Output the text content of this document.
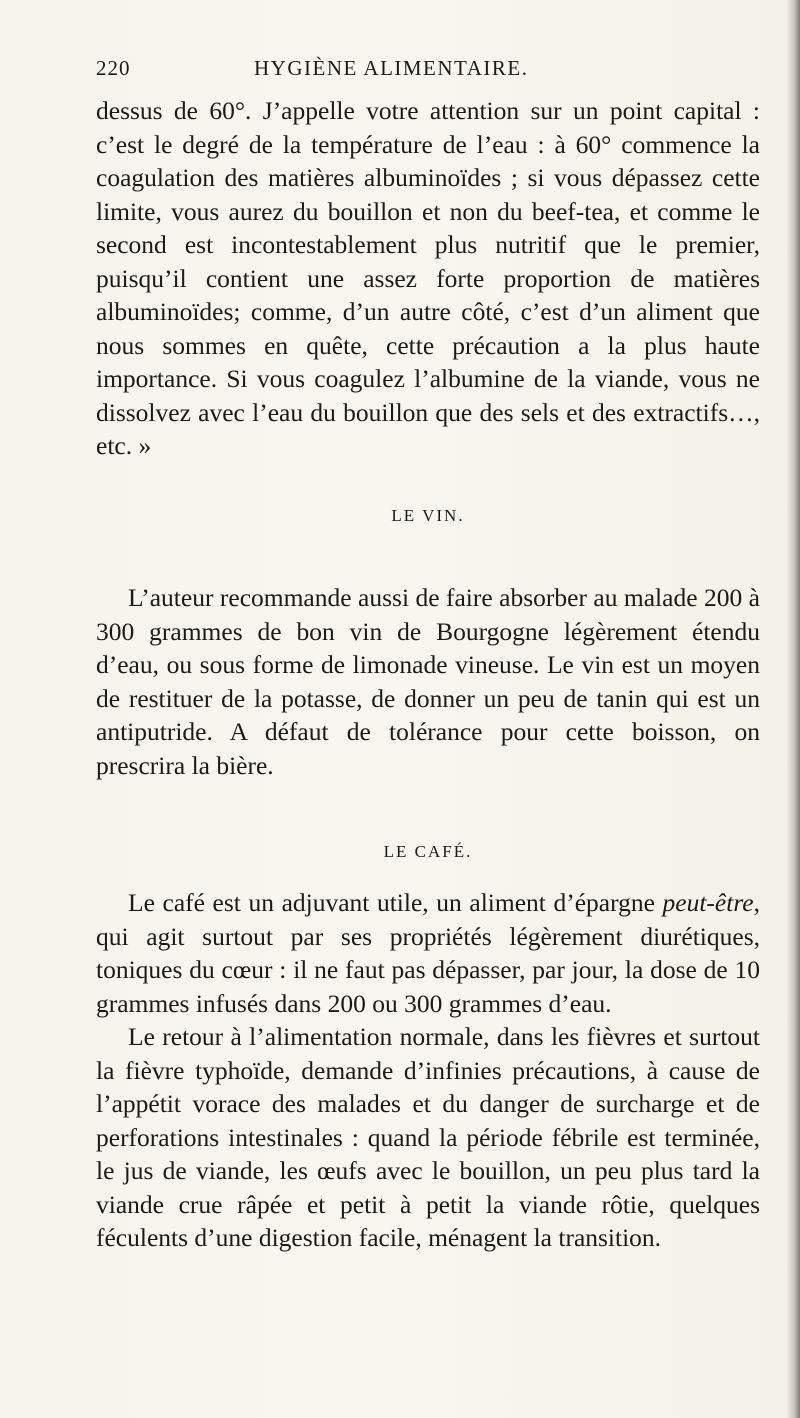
220	HYGIÈNE ALIMENTAIRE.

dessus de 60°. J’appelle votre attention sur un point capital : c’est le degré de la température de l’eau : à 60° commence la coagulation des matières albuminoïdes ; si vous dépassez cette limite, vous aurez du bouillon et non du beef-tea, et comme le second est incontestablement plus nutritif que le premier, puisqu’il contient une assez forte proportion de matières albuminoïdes; comme, d’un autre côté, c’est d’un aliment que nous sommes en quête, cette précaution a la plus haute importance. Si vous coagulez l’albumine de la viande, vous ne dissolvez avec l’eau du bouillon que des sels et des extractifs…, etc. »

LE VIN.

L’auteur recommande aussi de faire absorber au malade 200 à 300 grammes de bon vin de Bourgogne légèrement étendu d’eau, ou sous forme de limonade vineuse. Le vin est un moyen de restituer de la potasse, de donner un peu de tanin qui est un antiputride. A défaut de tolérance pour cette boisson, on prescrira la bière.

LE CAFÉ.

Le café est un adjuvant utile, un aliment d’épargne peut-être, qui agit surtout par ses propriétés légèrement diurétiques, toniques du cœur : il ne faut pas dépasser, par jour, la dose de 10 grammes infusés dans 200 ou 300 grammes d’eau.

Le retour à l’alimentation normale, dans les fièvres et surtout la fièvre typhoïde, demande d’infinies précautions, à cause de l’appétit vorace des malades et du danger de surcharge et de perforations intestinales : quand la période fébrile est terminée, le jus de viande, les œufs avec le bouillon, un peu plus tard la viande crue râpée et petit à petit la viande rôtie, quelques féculents d’une digestion facile, ménagent la transition.
